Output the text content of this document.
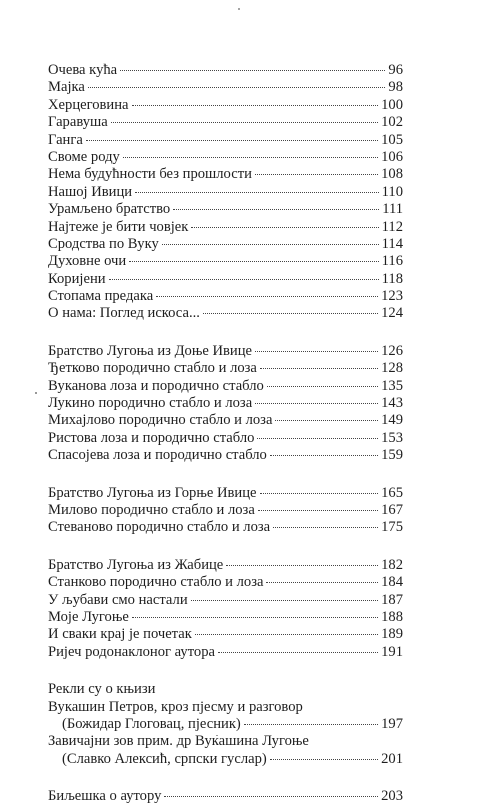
Очева кућа	96
Мајка	98
Херцеговина	100
Гаравуша	102
Ганга	105
Своме роду	106
Нема будућности без прошлости	108
Нашој Ивици	110
Урамљено братство	111
Најтеже је бити човјек	112
Сродства по Вуку	114
Духовне очи	116
Коријени	118
Стопама предака	123
О нама: Поглед искоса...	124
Братство Лугоња из Доње Ивице	126
Ђетково породично стабло и лоза	128
Вуканова лоза и породично стабло	135
Лукино породично стабло и лоза	143
Михајлово породично стабло и лоза	149
Ристова лоза и породично стабло	153
Спасојева лоза и породично стабло	159
Братство Лугоња из Горње Ивице	165
Милово породично стабло и лоза	167
Стеваново породично стабло и лоза	175
Братство Лугоња из Жабице	182
Станково породично стабло и лоза	184
У љубави смо настали	187
Моје Лугоње	188
И сваки крај је почетак	189
Ријеч родонаклоног аутора	191
Рекли су о књизи
Вукашин Петров, кроз пјесму и разговор
(Божидар Глоговац, пјесник)	197
Завичајни зов прим. др Вукашина Лугоње
(Славко Алексић, српски гуслар)	201
Биљешка о аутору	203
